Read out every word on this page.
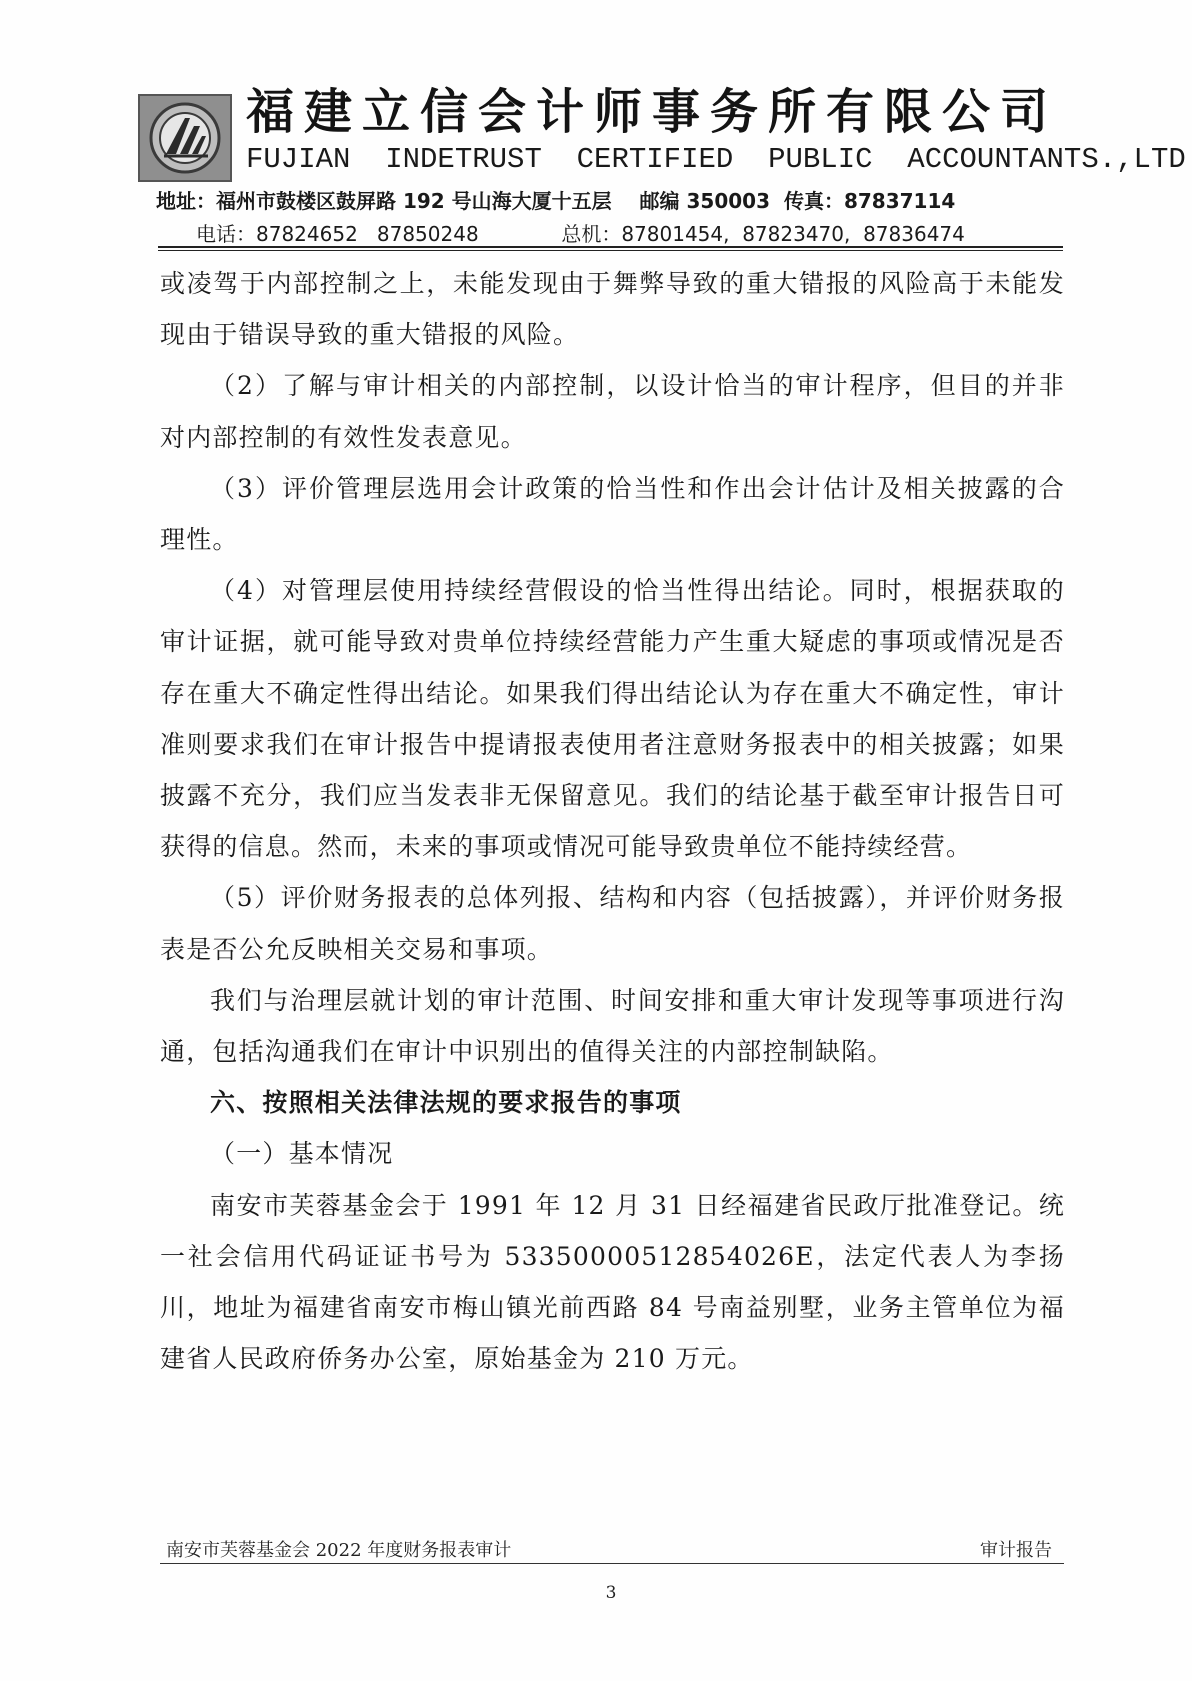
福建立信会计师事务所有限公司
FUJIAN  INDETRUST  CERTIFIED  PUBLIC  ACCOUNTANTS.,LTD
地址：福州市鼓楼区鼓屏路 192 号山海大厦十五层 邮编 350003 传真：87837114
电话：87824652   87850248	总机：87801454,  87823470,  87836474

或凌驾于内部控制之上，未能发现由于舞弊导致的重大错报的风险高于未能发现由于错误导致的重大错报的风险。

（2）了解与审计相关的内部控制，以设计恰当的审计程序，但目的并非对内部控制的有效性发表意见。

（3）评价管理层选用会计政策的恰当性和作出会计估计及相关披露的合理性。

（4）对管理层使用持续经营假设的恰当性得出结论。同时，根据获取的审计证据，就可能导致对贵单位持续经营能力产生重大疑虑的事项或情况是否存在重大不确定性得出结论。如果我们得出结论认为存在重大不确定性，审计准则要求我们在审计报告中提请报表使用者注意财务报表中的相关披露；如果披露不充分，我们应当发表非无保留意见。我们的结论基于截至审计报告日可获得的信息。然而，未来的事项或情况可能导致贵单位不能持续经营。

（5）评价财务报表的总体列报、结构和内容（包括披露），并评价财务报表是否公允反映相关交易和事项。

我们与治理层就计划的审计范围、时间安排和重大审计发现等事项进行沟通，包括沟通我们在审计中识别出的值得关注的内部控制缺陷。

六、按照相关法律法规的要求报告的事项

（一）基本情况

南安市芙蓉基金会于 1991 年 12 月 31 日经福建省民政厅批准登记。统一社会信用代码证证书号为 53350000512854026E，法定代表人为李扬川，地址为福建省南安市梅山镇光前西路 84 号南益别墅，业务主管单位为福建省人民政府侨务办公室，原始基金为 210 万元。

南安市芙蓉基金会 2022 年度财务报表审计	审计报告
3
